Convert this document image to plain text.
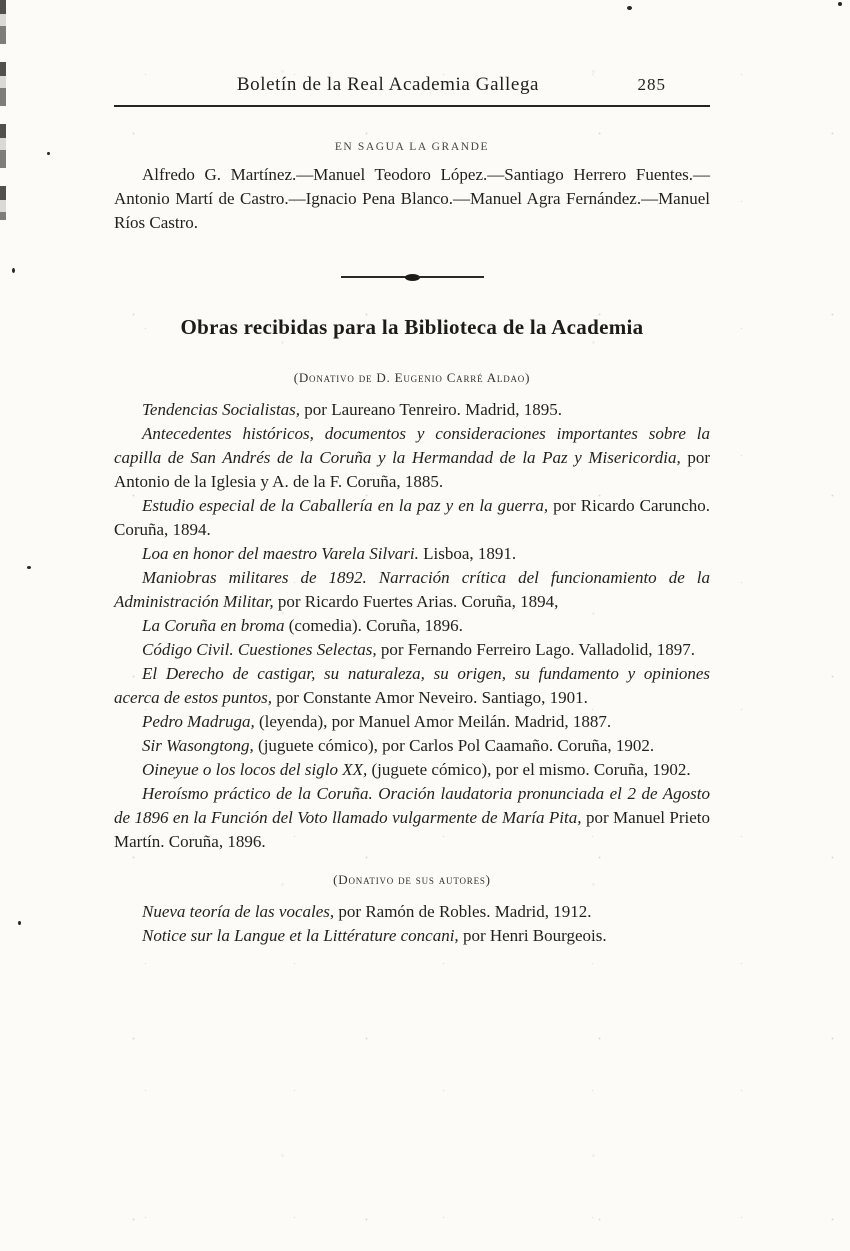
Boletín de la Real Academia Gallega	285
EN SAGUA LA GRANDE

Alfredo G. Martínez.—Manuel Teodoro López.—Santiago Herrero Fuentes.—Antonio Martí de Castro.—Ignacio Pena Blanco.—Manuel Agra Fernández.—Manuel Ríos Castro.

Obras recibidas para la Biblioteca de la Academia
(Donativo de D. Eugenio Carré Aldao)

Tendencias Socialistas, por Laureano Tenreiro. Madrid, 1895.

Antecedentes históricos, documentos y consideraciones importantes sobre la capilla de San Andrés de la Coruña y la Hermandad de la Paz y Misericordia, por Antonio de la Iglesia y A. de la F. Coruña, 1885.

Estudio especial de la Caballería en la paz y en la guerra, por Ricardo Caruncho. Coruña, 1894.

Loa en honor del maestro Varela Silvari. Lisboa, 1891.

Maniobras militares de 1892. Narración crítica del funcionamiento de la Administración Militar, por Ricardo Fuertes Arias. Coruña, 1894,

La Coruña en broma (comedia). Coruña, 1896.

Código Civil. Cuestiones Selectas, por Fernando Ferreiro Lago. Valladolid, 1897.

El Derecho de castigar, su naturaleza, su origen, su fundamento y opiniones acerca de estos puntos, por Constante Amor Neveiro. Santiago, 1901.

Pedro Madruga, (leyenda), por Manuel Amor Meilán. Madrid, 1887.

Sir Wasongtong, (juguete cómico), por Carlos Pol Caamaño. Coruña, 1902.

Oineyue o los locos del siglo XX, (juguete cómico), por el mismo. Coruña, 1902.

Heroísmo práctico de la Coruña. Oración laudatoria pronunciada el 2 de Agosto de 1896 en la Función del Voto llamado vulgarmente de María Pita, por Manuel Prieto Martín. Coruña, 1896.

(Donativo de sus autores)

Nueva teoría de las vocales, por Ramón de Robles. Madrid, 1912.

Notice sur la Langue et la Littérature concani, por Henri Bourgeois.
